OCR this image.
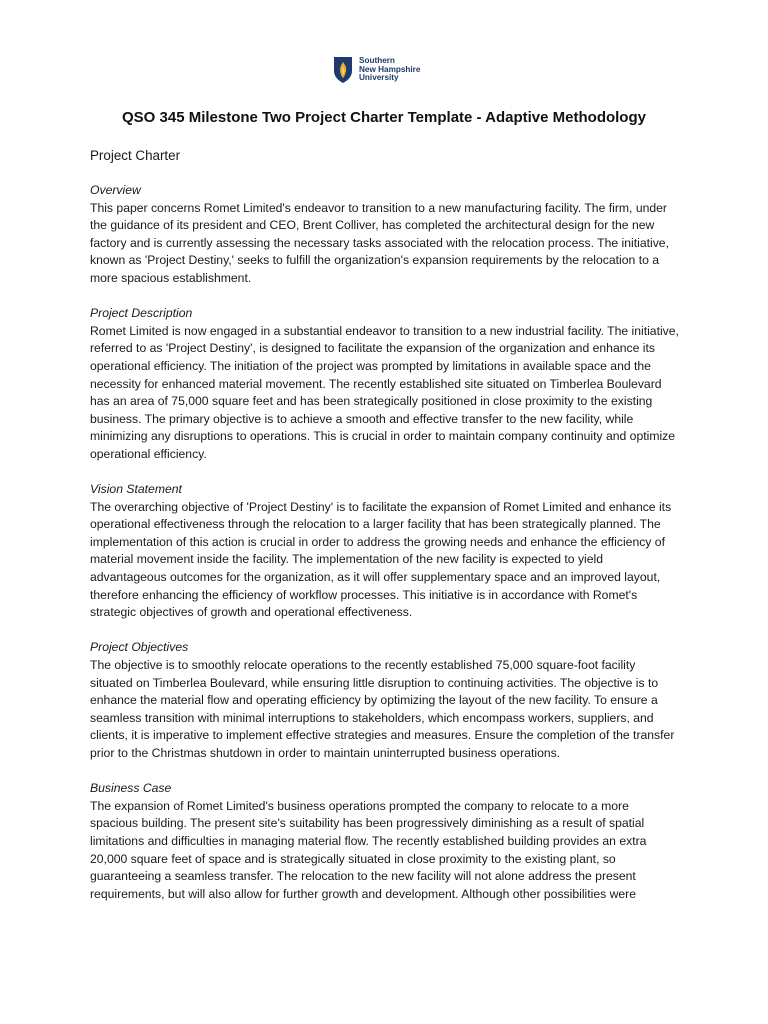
Southern
New Hampshire
University
QSO 345 Milestone Two Project Charter Template - Adaptive Methodology
Project Charter

Overview

This paper concerns Romet Limited's endeavor to transition to a new manufacturing facility. The firm, under the guidance of its president and CEO, Brent Colliver, has completed the architectural design for the new factory and is currently assessing the necessary tasks associated with the relocation process. The initiative, known as 'Project Destiny,' seeks to fulfill the organization's expansion requirements by the relocation to a more spacious establishment.

Project Description

Romet Limited is now engaged in a substantial endeavor to transition to a new industrial facility. The initiative, referred to as 'Project Destiny', is designed to facilitate the expansion of the organization and enhance its operational efficiency. The initiation of the project was prompted by limitations in available space and the necessity for enhanced material movement. The recently established site situated on Timberlea Boulevard has an area of 75,000 square feet and has been strategically positioned in close proximity to the existing business. The primary objective is to achieve a smooth and effective transfer to the new facility, while minimizing any disruptions to operations. This is crucial in order to maintain company continuity and optimize operational efficiency.

Vision Statement

The overarching objective of 'Project Destiny' is to facilitate the expansion of Romet Limited and enhance its operational effectiveness through the relocation to a larger facility that has been strategically planned. The implementation of this action is crucial in order to address the growing needs and enhance the efficiency of material movement inside the facility. The implementation of the new facility is expected to yield advantageous outcomes for the organization, as it will offer supplementary space and an improved layout, therefore enhancing the efficiency of workflow processes. This initiative is in accordance with Romet's strategic objectives of growth and operational effectiveness.

Project Objectives

The objective is to smoothly relocate operations to the recently established 75,000 square-foot facility situated on Timberlea Boulevard, while ensuring little disruption to continuing activities. The objective is to enhance the material flow and operating efficiency by optimizing the layout of the new facility. To ensure a seamless transition with minimal interruptions to stakeholders, which encompass workers, suppliers, and clients, it is imperative to implement effective strategies and measures. Ensure the completion of the transfer prior to the Christmas shutdown in order to maintain uninterrupted business operations.

Business Case

The expansion of Romet Limited's business operations prompted the company to relocate to a more spacious building. The present site's suitability has been progressively diminishing as a result of spatial limitations and difficulties in managing material flow. The recently established building provides an extra 20,000 square feet of space and is strategically situated in close proximity to the existing plant, so guaranteeing a seamless transfer. The relocation to the new facility will not alone address the present requirements, but will also allow for further growth and development. Although other possibilities were
